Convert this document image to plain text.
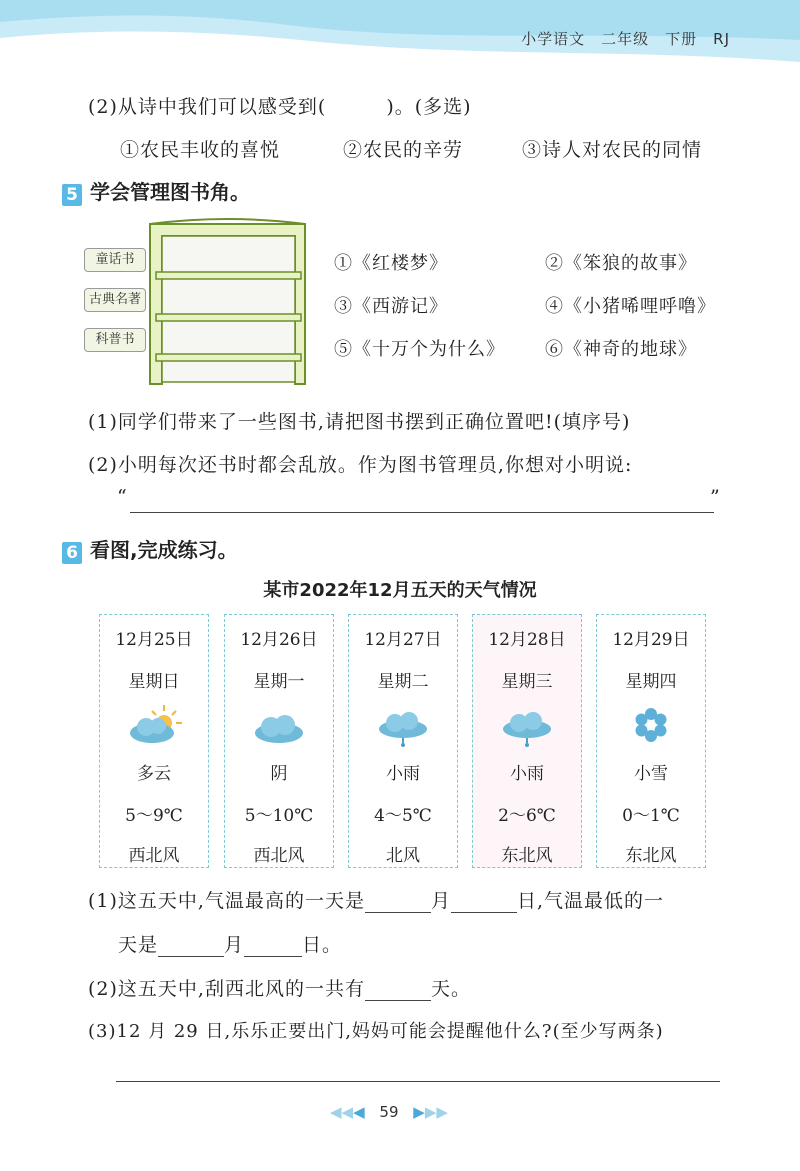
小学语文　二年级　下册　RJ
(2)从诗中我们可以感受到(　　　)。(多选)
①农民丰收的喜悦	②农民的辛劳	③诗人对农民的同情
5 学会管理图书角。
童话书
古典名著
科普书
①《红楼梦》	②《笨狼的故事》
③《西游记》	④《小猪唏哩呼噜》
⑤《十万个为什么》 ⑥《神奇的地球》
(1)同学们带来了一些图书,请把图书摆到正确位置吧!(填序号)
(2)小明每次还书时都会乱放。作为图书管理员,你想对小明说:
“	”
6 看图,完成练习。
某市2022年12月五天的天气情况
12月25日
星期日
多云
5～9℃
西北风
12月26日
星期一
阴
5～10℃
西北风
12月27日
星期二
小雨
4～5℃
北风
12月28日
星期三
小雨
2～6℃
东北风
12月29日
星期四
小雪
0～1℃
东北风
(1)这五天中,气温最高的一天是	月	日,气温最低的一
天是	月	日。
(2)这五天中,刮西北风的一共有	天。
(3)12 月 29 日,乐乐正要出门,妈妈可能会提醒他什么?(至少写两条)
◀◀◀ 59 ▶▶▶
